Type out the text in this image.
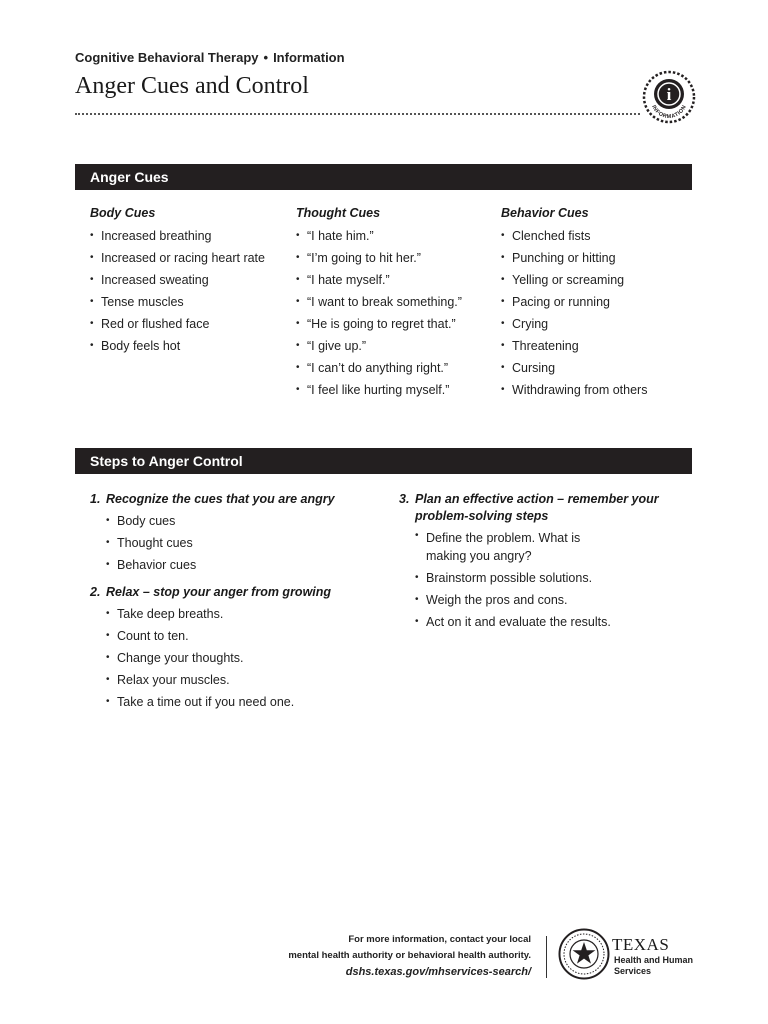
Cognitive Behavioral Therapy • Information
Anger Cues and Control	i
INFORMATION
Anger Cues
Body Cues
• Increased breathing
• Increased or racing heart rate
• Increased sweating
• Tense muscles
• Red or flushed face
• Body feels hot
Thought Cues
• “I hate him.”
• “I’m going to hit her.”
• “I hate myself.”
• “I want to break something.”
• “He is going to regret that.”
• “I give up.”
• “I can’t do anything right.”
• “I feel like hurting myself.”
Behavior Cues
• Clenched fists
• Punching or hitting
• Yelling or screaming
• Pacing or running
• Crying
• Threatening
• Cursing
• Withdrawing from others
Steps to Anger Control
1. Recognize the cues that you are angry
• Body cues
• Thought cues
• Behavior cues
2. Relax – stop your anger from growing
• Take deep breaths.
• Count to ten.
• Change your thoughts.
• Relax your muscles.
• Take a time out if you need one.
3. Plan an effective action – remember your problem-solving steps
• Define the problem. What is making you angry?
• Brainstorm possible solutions.
• Weigh the pros and cons.
• Act on it and evaluate the results.
For more information, contact your local
mental health authority or behavioral health authority.
dshs.texas.gov/mhservices-search/
TEXAS
Health and Human
Services
